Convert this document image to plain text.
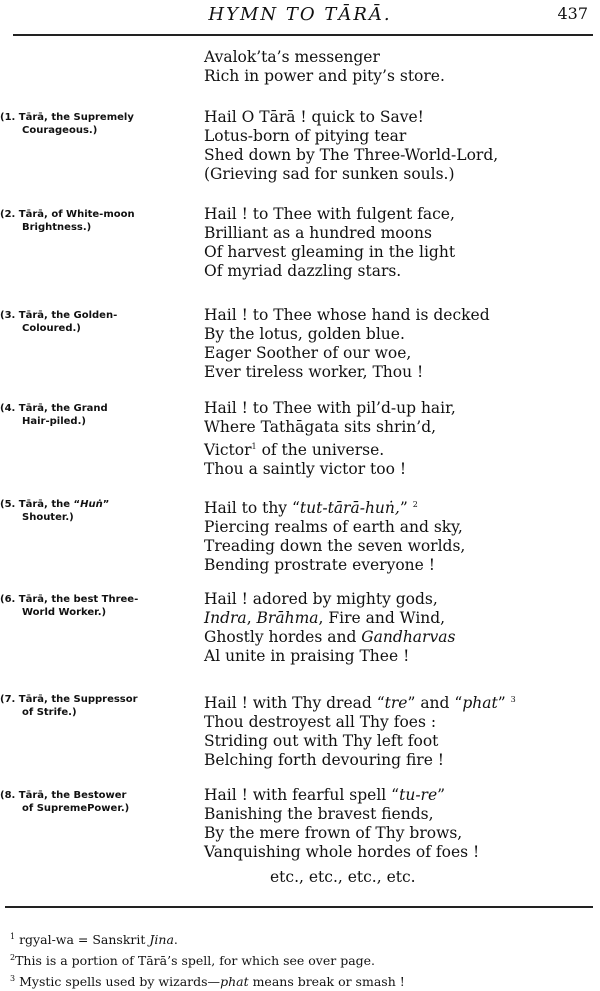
HYMN TO TĀRĀ.	437
Avalok’ta’s messenger
Rich in power and pity’s store.
(1. Tārā, the Supremely
Courageous.)
Hail O Tārā ! quick to Save!
Lotus-born of pitying tear
Shed down by The Three-World-Lord,
(Grieving sad for sunken souls.)
(2. Tārā, of White-moon
Brightness.)
Hail ! to Thee with fulgent face,
Brilliant as a hundred moons
Of harvest gleaming in the light
Of myriad dazzling stars.
(3. Tārā, the Golden-
Coloured.)
Hail ! to Thee whose hand is decked
By the lotus, golden blue.
Eager Soother of our woe,
Ever tireless worker, Thou !
(4. Tārā, the Grand
Hair-piled.)
Hail ! to Thee with pil’d-up hair,
Where Tathāgata sits shrin’d,
Victor$^1$ of the universe.
Thou a saintly victor too !
(5. Tārā, the “Huṅ”
Shouter.)
Hail to thy “tut-tārā-huṅ,” $^2$
Piercing realms of earth and sky,
Treading down the seven worlds,
Bending prostrate everyone !
(6. Tārā, the best Three-
World Worker.)
Hail ! adored by mighty gods,
Indra, Brāhma, Fire and Wind,
Ghostly hordes and Gandharvas
Al unite in praising Thee !
(7. Tārā, the Suppressor
of Strife.)
Hail ! with Thy dread “tre” and “phat” $^3$
Thou destroyest all Thy foes :
Striding out with Thy left foot
Belching forth devouring fire !
(8. Tārā, the Bestower
of SupremePower.)
Hail ! with fearful spell “tu-re”
Banishing the bravest fiends,
By the mere frown of Thy brows,
Vanquishing whole hordes of foes !
etc., etc., etc., etc.
$^1$ rgyal-wa = Sanskrit Jina.
$^2$This is a portion of Tārā’s spell, for which see over page.
$^3$ Mystic spells used by wizards—phat means break or smash !
